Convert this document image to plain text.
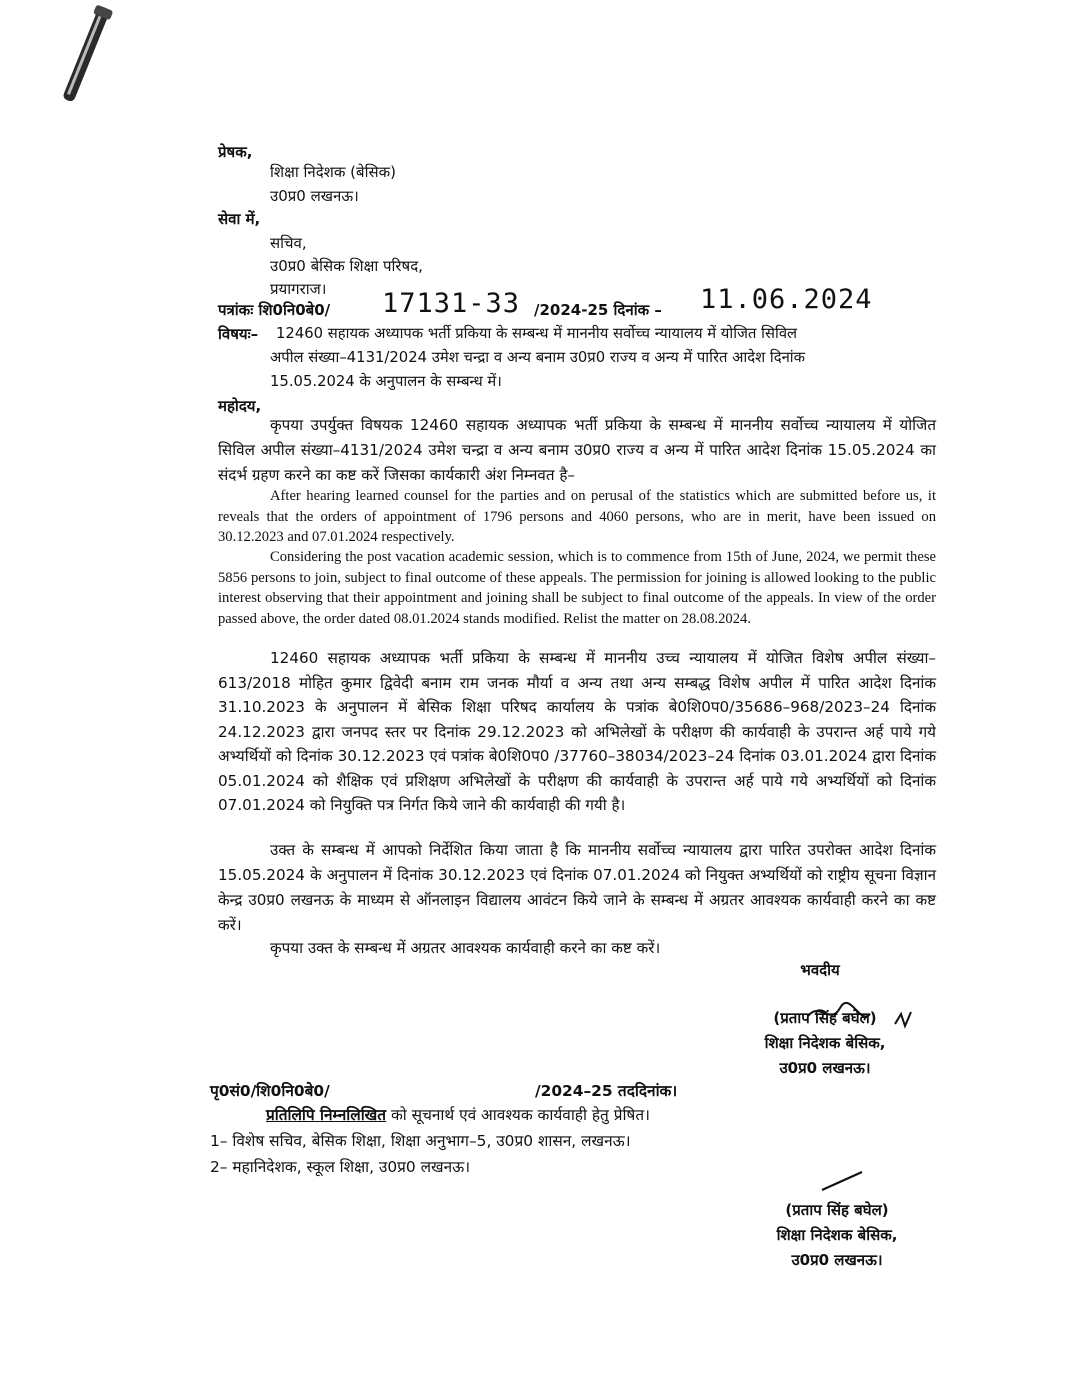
प्रेषक,
शिक्षा निदेशक (बेसिक)
उ0प्र0 लखनऊ।
सेवा में,
सचिव,
उ0प्र0 बेसिक शिक्षा परिषद,
प्रयागराज।
पत्रांकः शि0नि0बे0/ 17131-33 /2024-25 दिनांक – 11.06.2024
विषयः– 12460 सहायक अध्यापक भर्ती प्रकिया के सम्बन्ध में माननीय सर्वोच्च न्यायालय में योजित सिविल
अपील संख्या–4131/2024 उमेश चन्द्रा व अन्य बनाम उ0प्र0 राज्य व अन्य में पारित आदेश दिनांक
15.05.2024 के अनुपालन के सम्बन्ध में।
महोदय,
कृपया उपर्युक्त विषयक 12460 सहायक अध्यापक भर्ती प्रकिया के सम्बन्ध में माननीय सर्वोच्च न्यायालय में योजित सिविल अपील संख्या–4131/2024 उमेश चन्द्रा व अन्य बनाम उ0प्र0 राज्य व अन्य में पारित आदेश दिनांक 15.05.2024 का संदर्भ ग्रहण करने का कष्ट करें जिसका कार्यकारी अंश निम्नवत है–
After hearing learned counsel for the parties and on perusal of the statistics which are submitted before us, it reveals that the orders of appointment of 1796 persons and 4060 persons, who are in merit, have been issued on 30.12.2023 and 07.01.2024 respectively.
Considering the post vacation academic session, which is to commence from 15th of June, 2024, we permit these 5856 persons to join, subject to final outcome of these appeals. The permission for joining is allowed looking to the public interest observing that their appointment and joining shall be subject to final outcome of the appeals. In view of the order passed above, the order dated 08.01.2024 stands modified. Relist the matter on 28.08.2024.
12460 सहायक अध्यापक भर्ती प्रकिया के सम्बन्ध में माननीय उच्च न्यायालय में योजित विशेष अपील संख्या– 613/2018 मोहित कुमार द्विवेदी बनाम राम जनक मौर्या व अन्य तथा अन्य सम्बद्ध विशेष अपील में पारित आदेश दिनांक 31.10.2023 के अनुपालन में बेसिक शिक्षा परिषद कार्यालय के पत्रांक बे0शि0प0/35686–968/2023–24 दिनांक 24.12.2023 द्वारा जनपद स्तर पर दिनांक 29.12.2023 को अभिलेखों के परीक्षण की कार्यवाही के उपरान्त अर्ह पाये गये अभ्यर्थियों को दिनांक 30.12.2023 एवं पत्रांक बे0शि0प0 /37760–38034/2023–24 दिनांक 03.01.2024 द्वारा दिनांक 05.01.2024 को शैक्षिक एवं प्रशिक्षण अभिलेखों के परीक्षण की कार्यवाही के उपरान्त अर्ह पाये गये अभ्यर्थियों को दिनांक 07.01.2024 को नियुक्ति पत्र निर्गत किये जाने की कार्यवाही की गयी है।
उक्त के सम्बन्ध में आपको निर्देशित किया जाता है कि माननीय सर्वोच्च न्यायालय द्वारा पारित उपरोक्त आदेश दिनांक 15.05.2024 के अनुपालन में दिनांक 30.12.2023 एवं दिनांक 07.01.2024 को नियुक्त अभ्यर्थियों को राष्ट्रीय सूचना विज्ञान केन्द्र उ0प्र0 लखनऊ के माध्यम से ऑनलाइन विद्यालय आवंटन किये जाने के सम्बन्ध में अग्रतर आवश्यक कार्यवाही करने का कष्ट करें।
कृपया उक्त के सम्बन्ध में अग्रतर आवश्यक कार्यवाही करने का कष्ट करें।
भवदीय
(प्रताप सिंह बघेल)
शिक्षा निदेशक बेसिक,
उ0प्र0 लखनऊ।
पृ0सं0/शि0नि0बे0/	/2024–25 तददिनांक।
प्रतिलिपि निम्नलिखित को सूचनार्थ एवं आवश्यक कार्यवाही हेतु प्रेषित।
1– विशेष सचिव, बेसिक शिक्षा, शिक्षा अनुभाग–5, उ0प्र0 शासन, लखनऊ।
2– महानिदेशक, स्कूल शिक्षा, उ0प्र0 लखनऊ।
(प्रताप सिंह बघेल)
शिक्षा निदेशक बेसिक,
उ0प्र0 लखनऊ।
